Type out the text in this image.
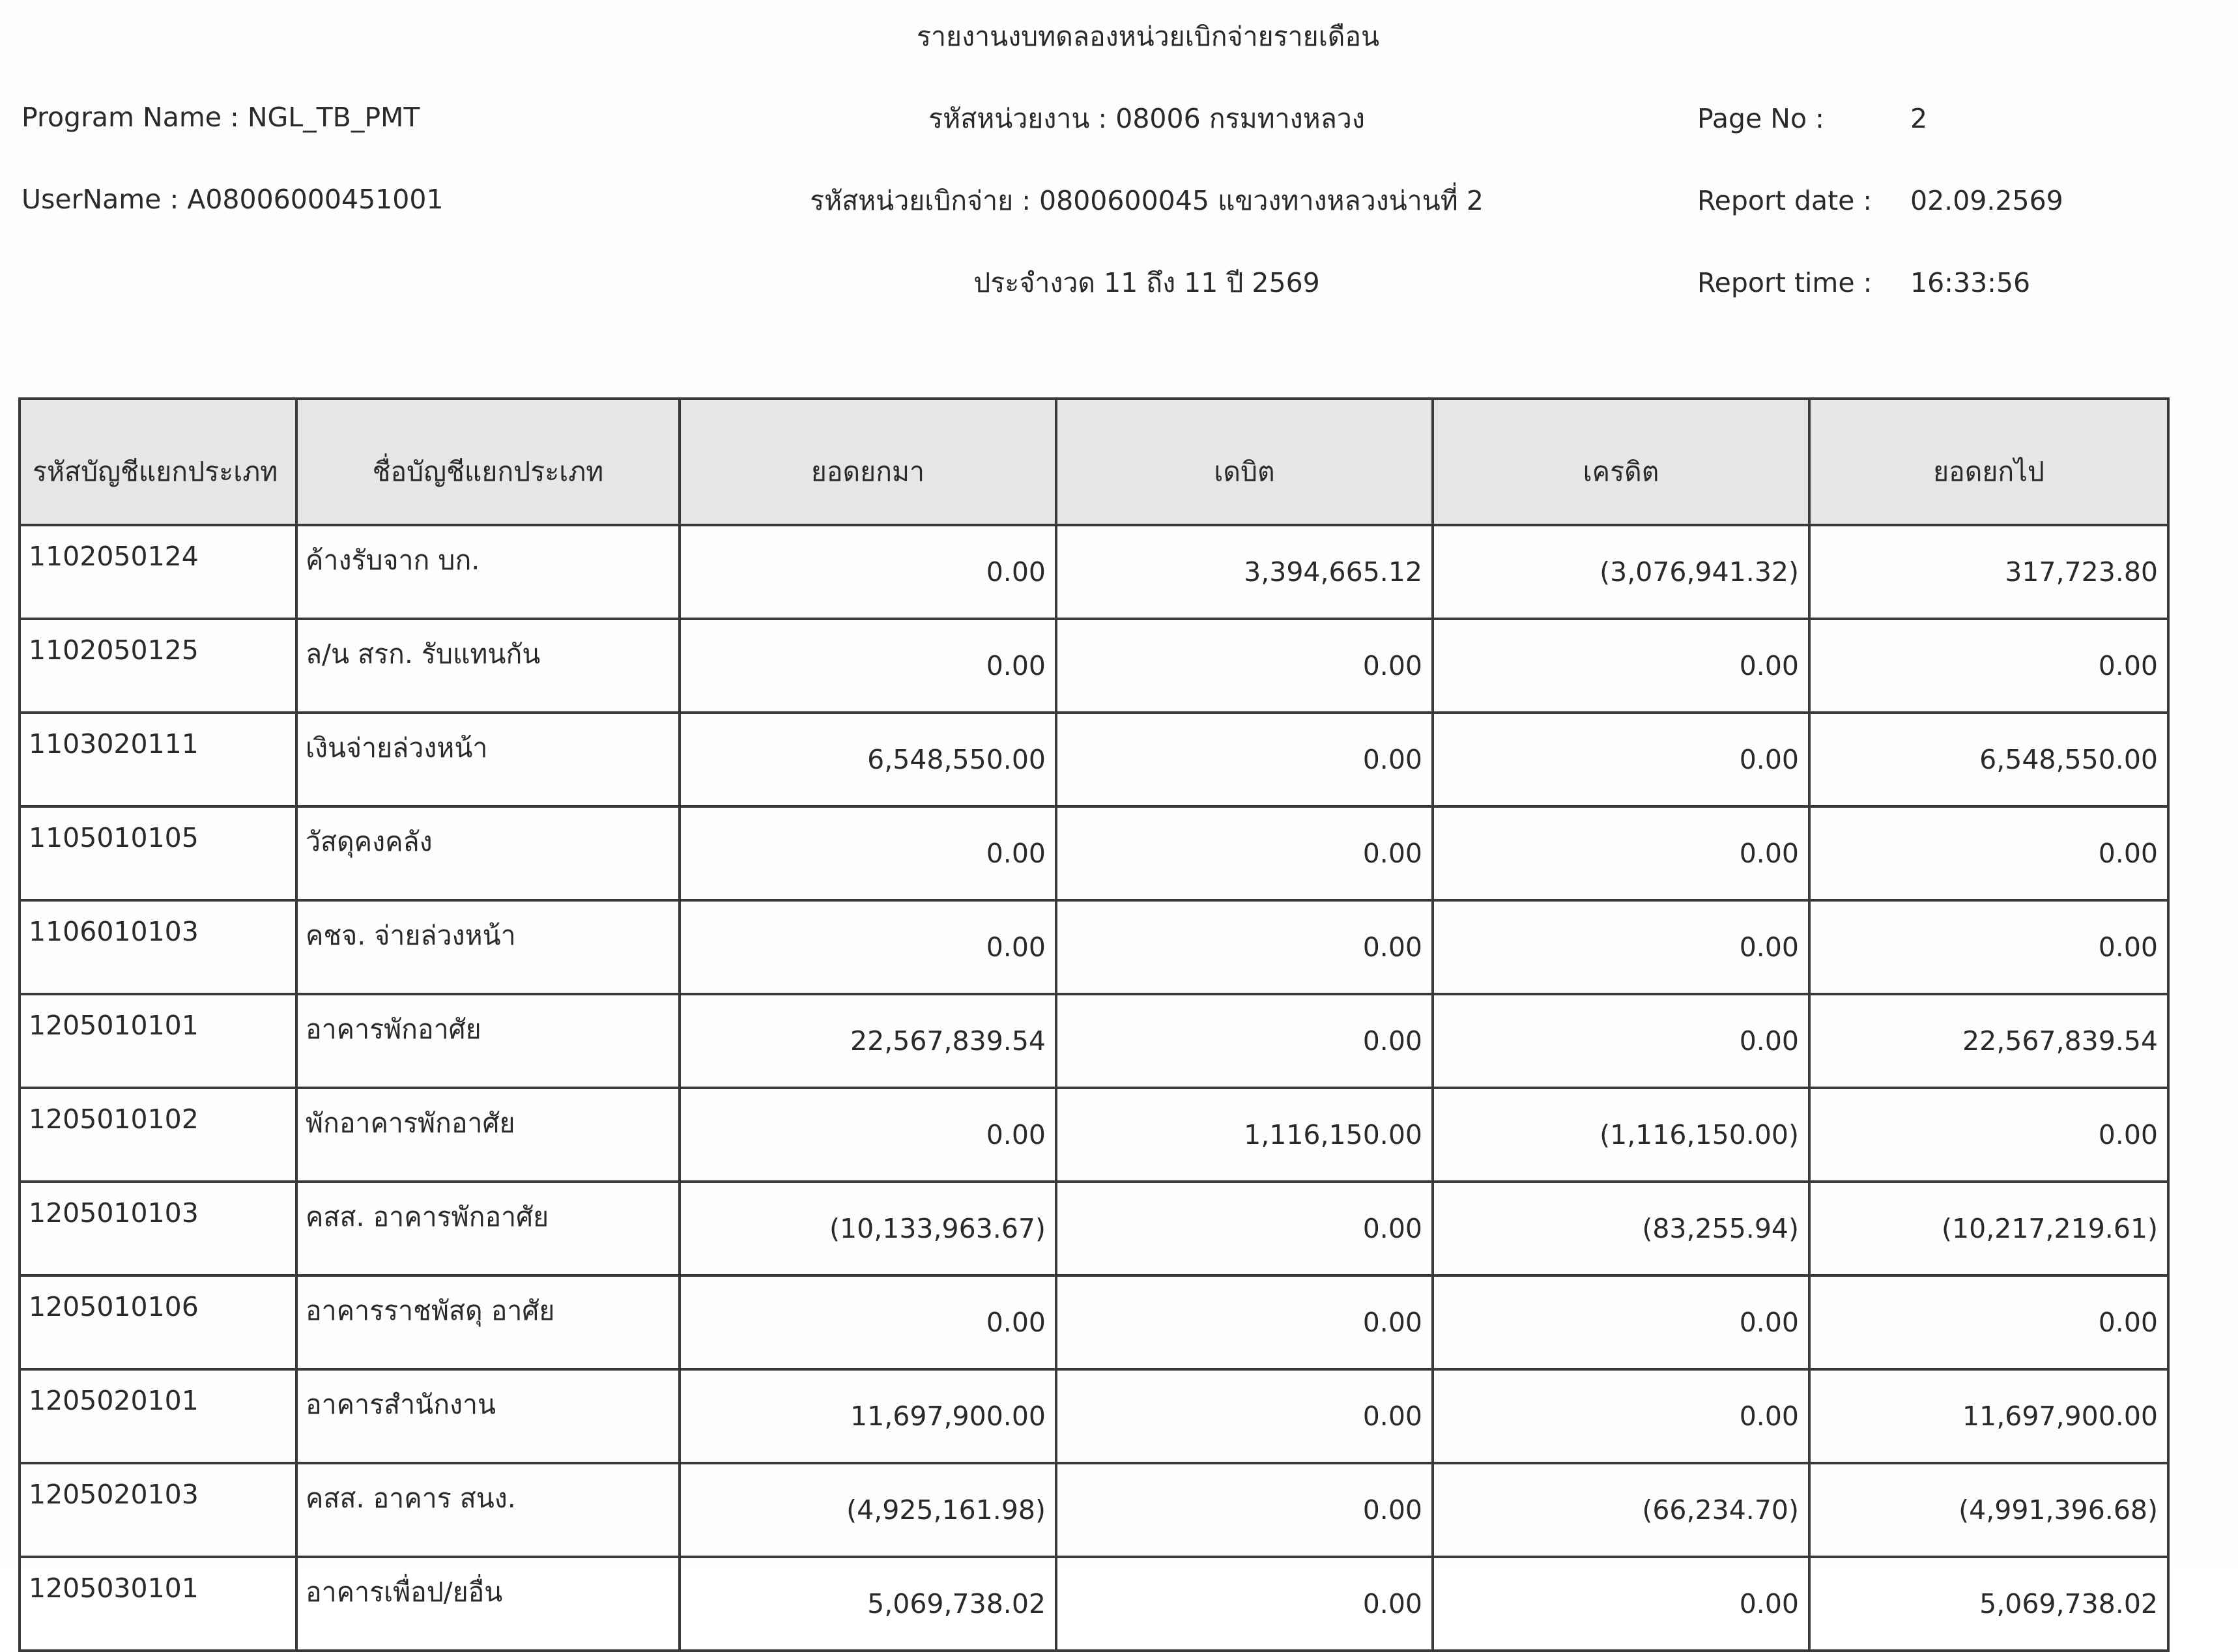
รายงานงบทดลองหน่วยเบิกจ่ายรายเดือน
Program Name : NGL_TB_PMT
UserName : A08006000451001
รหัสหน่วยงาน : 08006 กรมทางหลวง
รหัสหน่วยเบิกจ่าย : 0800600045 แขวงทางหลวงน่านที่ 2
ประจำงวด 11 ถึง 11 ปี 2569
Page No :	2
Report date : 02.09.2569
Report time : 16:33:56
รหัสบัญชีแยกประเภท	ชื่อบัญชีแยกประเภท	ยอดยกมา	เดบิต	เครดิต	ยอดยกไป
1102050124	ค้างรับจาก บก.	0.00	3,394,665.12	(3,076,941.32)	317,723.80
1102050125	ล/น สรก. รับแทนกัน	0.00	0.00	0.00	0.00
1103020111	เงินจ่ายล่วงหน้า	6,548,550.00	0.00	0.00	6,548,550.00
1105010105	วัสดุคงคลัง	0.00	0.00	0.00	0.00
1106010103	คชจ. จ่ายล่วงหน้า	0.00	0.00	0.00	0.00
1205010101	อาคารพักอาศัย	22,567,839.54	0.00	0.00	22,567,839.54
1205010102	พักอาคารพักอาศัย	0.00	1,116,150.00	(1,116,150.00)	0.00
1205010103	คสส. อาคารพักอาศัย	(10,133,963.67)	0.00	(83,255.94)	(10,217,219.61)
1205010106	อาคารราชพัสดุ อาศัย	0.00	0.00	0.00	0.00
1205020101	อาคารสำนักงาน	11,697,900.00	0.00	0.00	11,697,900.00
1205020103	คสส. อาคาร สนง.	(4,925,161.98)	0.00	(66,234.70)	(4,991,396.68)
1205030101	อาคารเพื่อป/ยอื่น	5,069,738.02	0.00	0.00	5,069,738.02
